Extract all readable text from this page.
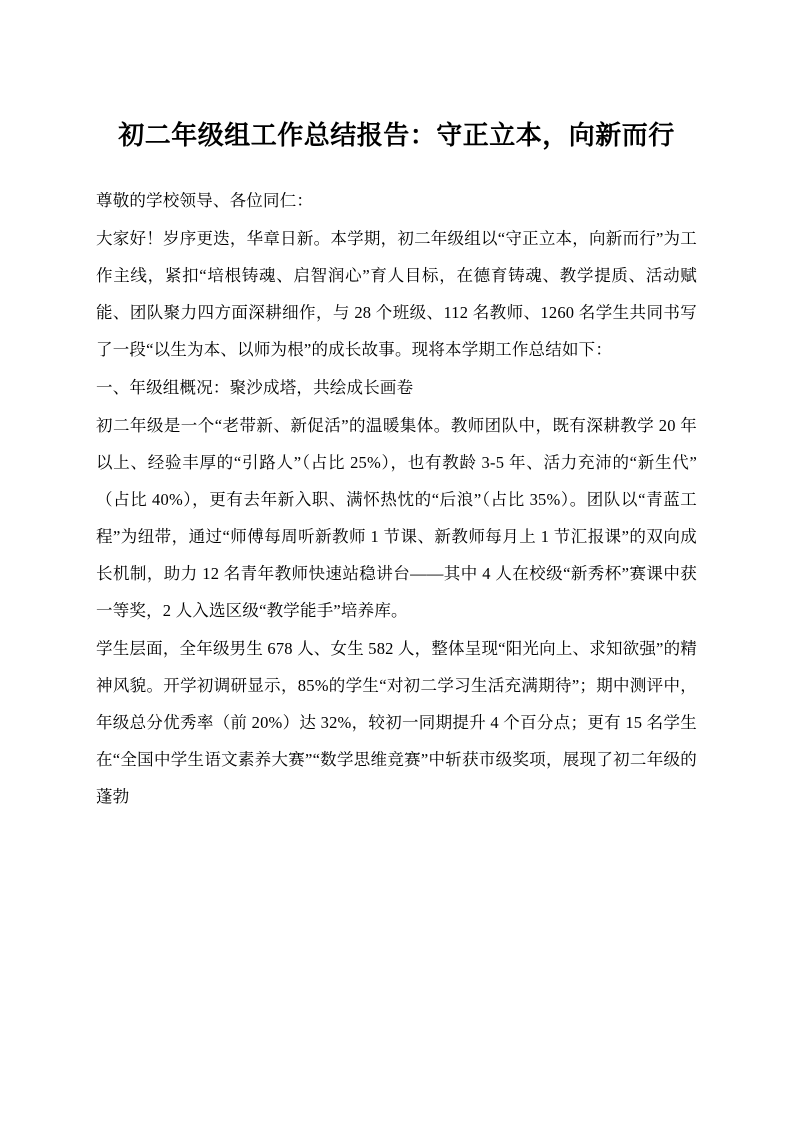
初二年级组工作总结报告：守正立本，向新而行

尊敬的学校领导、各位同仁：

大家好！岁序更迭，华章日新。本学期，初二年级组以“守正立本，向新而行”为工作主线，紧扣“培根铸魂、启智润心”育人目标，在德育铸魂、教学提质、活动赋能、团队聚力四方面深耕细作，与 28 个班级、112 名教师、1260 名学生共同书写了一段“以生为本、以师为根”的成长故事。现将本学期工作总结如下：

一、年级组概况：聚沙成塔，共绘成长画卷

初二年级是一个“老带新、新促活”的温暖集体。教师团队中，既有深耕教学 20 年以上、经验丰厚的“引路人”（占比 25%），也有教龄 3-5 年、活力充沛的“新生代”（占比 40%），更有去年新入职、满怀热忱的“后浪”（占比 35%）。团队以“青蓝工程”为纽带，通过“师傅每周听新教师 1 节课、新教师每月上 1 节汇报课”的双向成长机制，助力 12 名青年教师快速站稳讲台——其中 4 人在校级“新秀杯”赛课中获一等奖，2 人入选区级“教学能手”培养库。

学生层面，全年级男生 678 人、女生 582 人，整体呈现“阳光向上、求知欲强”的精神风貌。开学初调研显示，85%的学生“对初二学习生活充满期待”；期中测评中，年级总分优秀率（前 20%）达 32%，较初一同期提升 4 个百分点；更有 15 名学生在“全国中学生语文素养大赛”“数学思维竞赛”中斩获市级奖项，展现了初二年级的蓬勃
